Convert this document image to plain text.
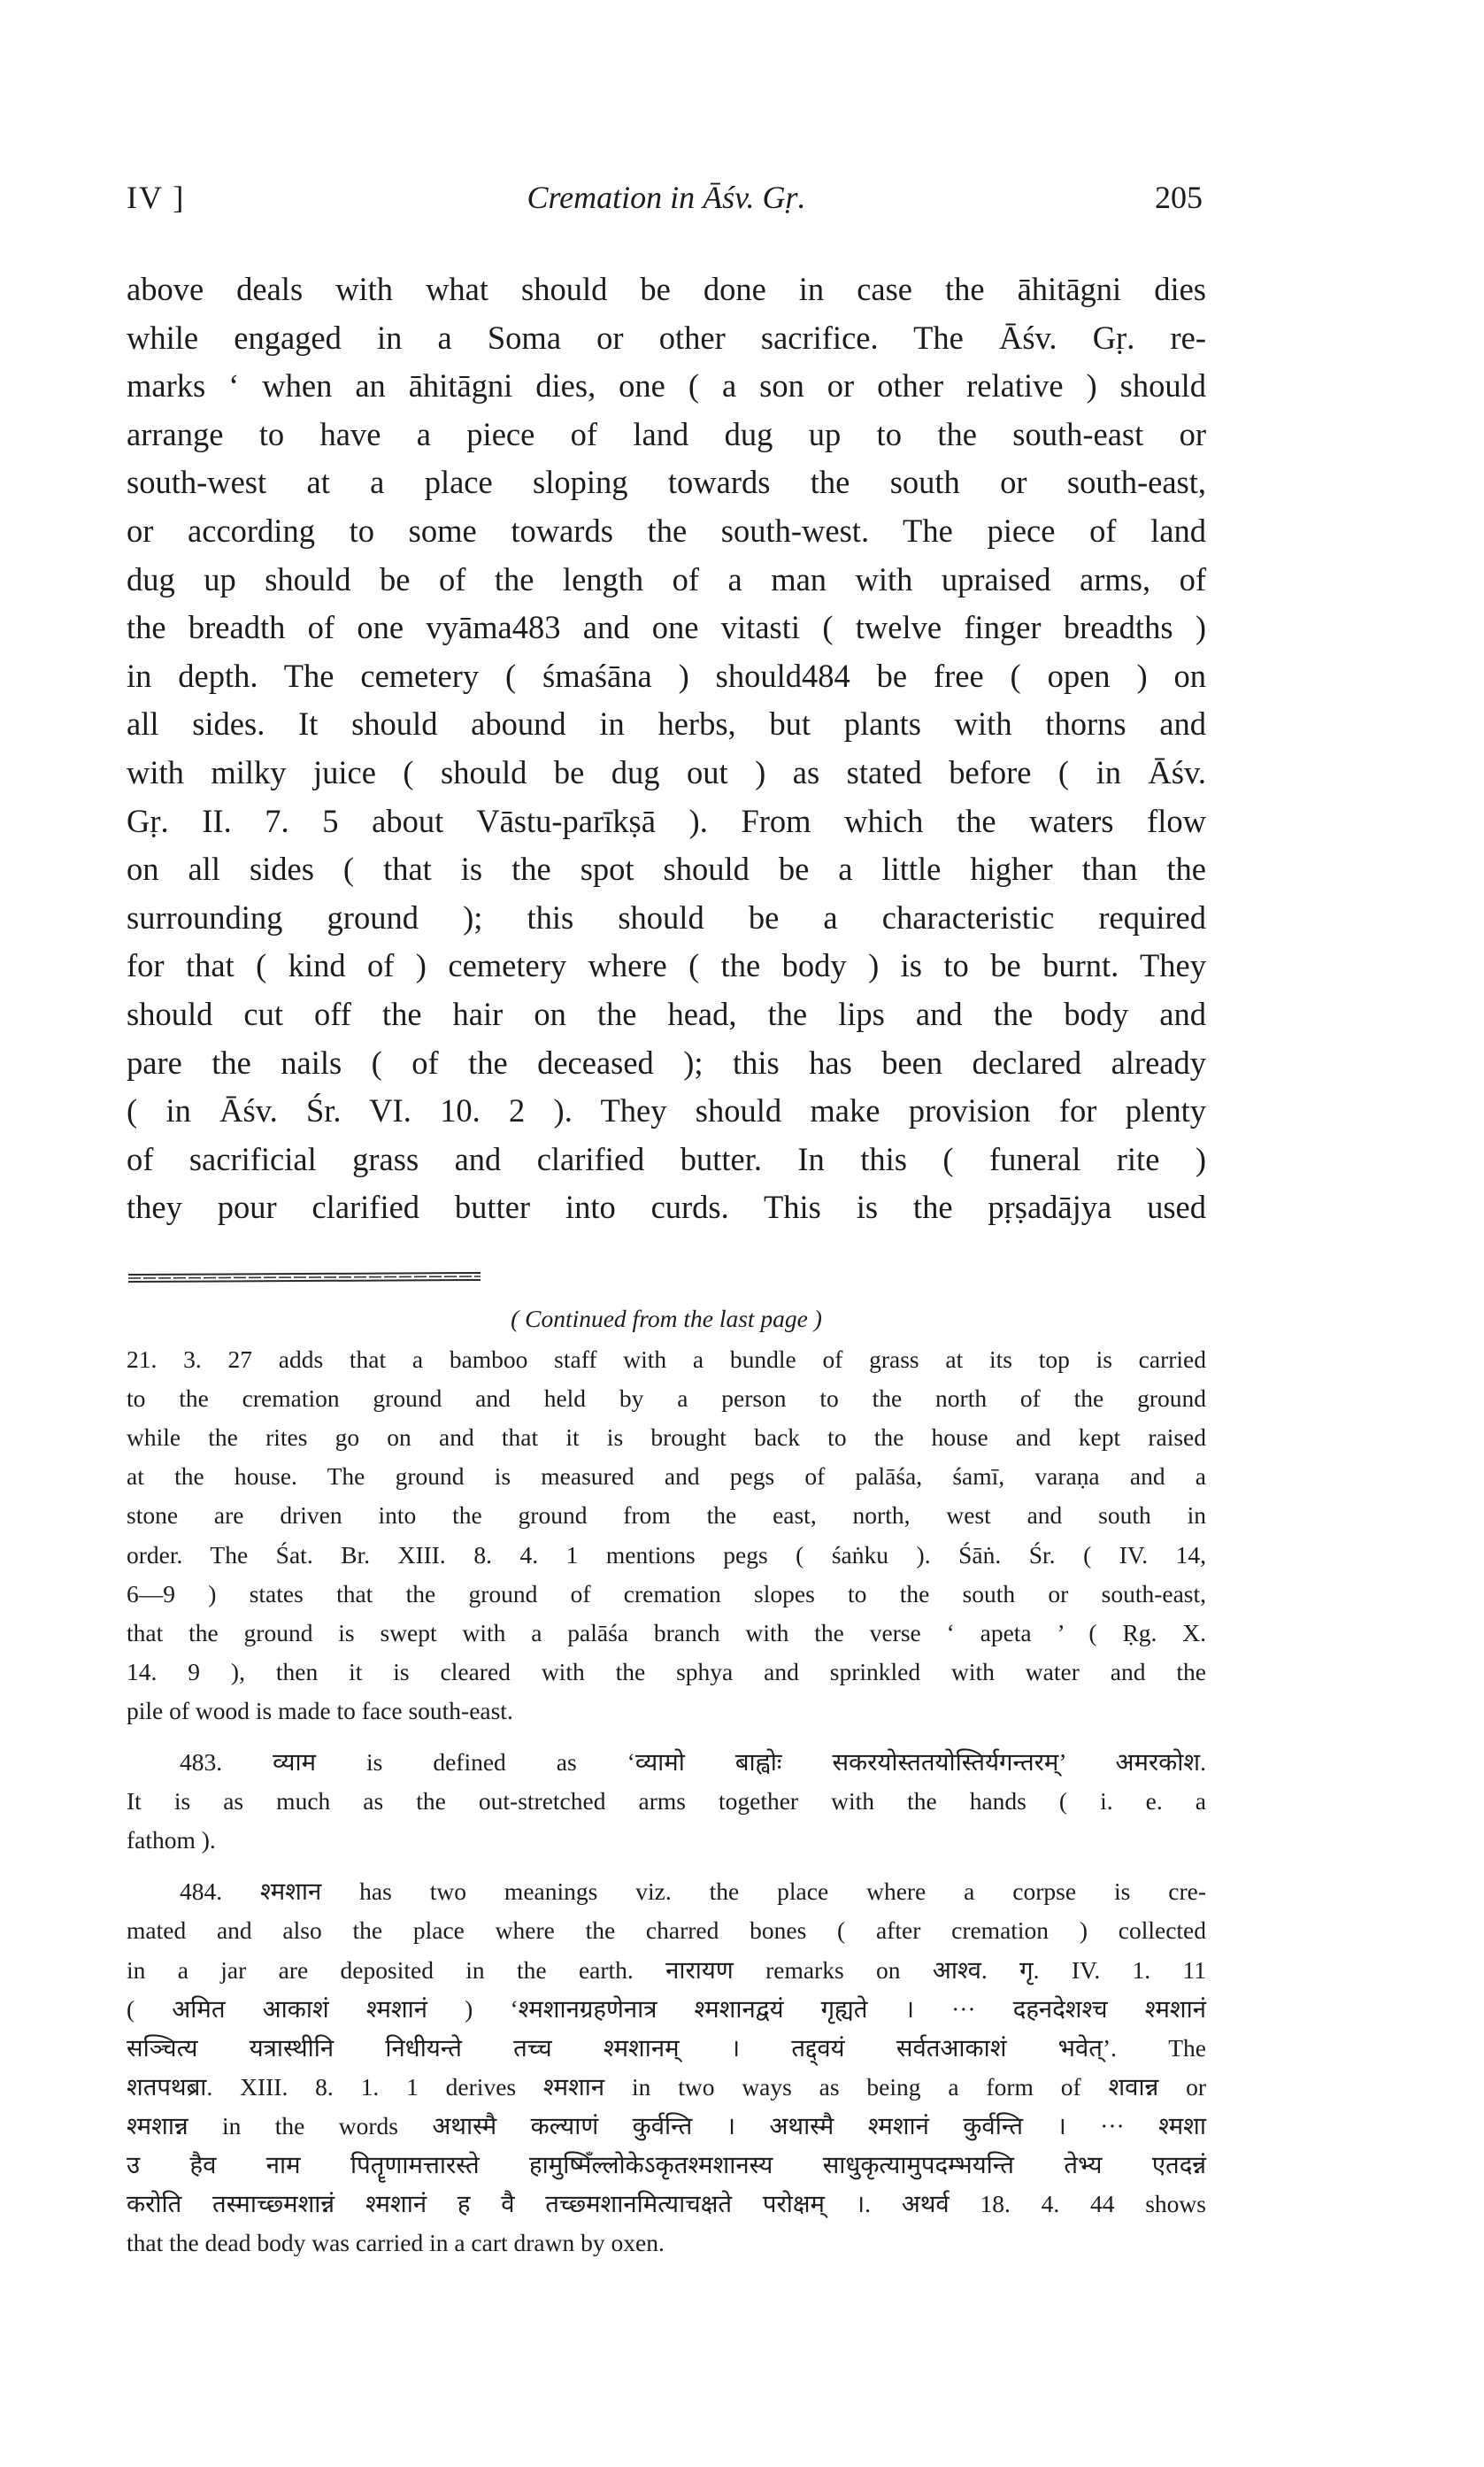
IV ]	Cremation in Āśv. Gṛ.	205

above deals with what should be done in case the āhitāgni dies
while engaged in a Soma or other sacrifice. The Āśv. Gṛ. re-
marks ‘ when an āhitāgni dies, one ( a son or other relative ) should
arrange to have a piece of land dug up to the south-east or
south-west at a place sloping towards the south or south-east,
or according to some towards the south-west. The piece of land
dug up should be of the length of a man with upraised arms, of
the breadth of one vyāma483 and one vitasti ( twelve finger breadths )
in depth. The cemetery ( śmaśāna ) should484 be free ( open ) on
all sides. It should abound in herbs, but plants with thorns and
with milky juice ( should be dug out ) as stated before ( in Āśv.
Gṛ. II. 7. 5 about Vāstu-parīkṣā ). From which the waters flow
on all sides ( that is the spot should be a little higher than the
surrounding ground ); this should be a characteristic required
for that ( kind of ) cemetery where ( the body ) is to be burnt. They
should cut off the hair on the head, the lips and the body and
pare the nails ( of the deceased ); this has been declared already
( in Āśv. Śr. VI. 10. 2 ). They should make provision for plenty
of sacrificial grass and clarified butter. In this ( funeral rite )
they pour clarified butter into curds. This is the pṛṣadājya used

( Continued from the last page )
21. 3. 27 adds that a bamboo staff with a bundle of grass at its top is carried
to the cremation ground and held by a person to the north of the ground
while the rites go on and that it is brought back to the house and kept raised
at the house. The ground is measured and pegs of palāśa, śamī, varaṇa and a
stone are driven into the ground from the east, north, west and south in
order. The Śat. Br. XIII. 8. 4. 1 mentions pegs ( śaṅku ). Śāṅ. Śr. ( IV. 14,
6—9 ) states that the ground of cremation slopes to the south or south-east,
that the ground is swept with a palāśa branch with the verse ‘ apeta ’ ( Ṛg. X.
14. 9 ), then it is cleared with the sphya and sprinkled with water and the
pile of wood is made to face south-east.
483. व्याम is defined as ‘व्यामो बाह्वोः सकरयोस्ततयोस्तिर्यगन्तरम्’ अमरकोश.
It is as much as the out-stretched arms together with the hands ( i. e. a
fathom ).
484. श्मशान has two meanings viz. the place where a corpse is cre-
mated and also the place where the charred bones ( after cremation ) collected
in a jar are deposited in the earth. नारायण remarks on आश्व. गृ. IV. 1. 11
( अमित आकाशं श्मशानं ) ‘श्मशानग्रहणेनात्र श्मशानद्वयं गृह्यते । ··· दहनदेशश्च श्मशानं
सञ्चित्य यत्रास्थीनि निधीयन्ते तच्च श्मशानम् । तद्द्वयं सर्वतआकाशं भवेत्’. The
शतपथब्रा. XIII. 8. 1. 1 derives श्मशान in two ways as being a form of शवान्न or
श्मशान्न in the words अथास्मै कल्याणं कुर्वन्ति । अथास्मै श्मशानं कुर्वन्ति । ··· श्मशा
उ हैव नाम पितॄणामत्तारस्ते हामुष्मिँल्लोकेऽकृतश्मशानस्य साधुकृत्यामुपदम्भयन्ति तेभ्य एतदन्नं
करोति तस्माच्छ्मशान्नं श्मशानं ह वै तच्छ्मशानमित्याचक्षते परोक्षम् ।. अथर्व 18. 4. 44 shows
that the dead body was carried in a cart drawn by oxen.
